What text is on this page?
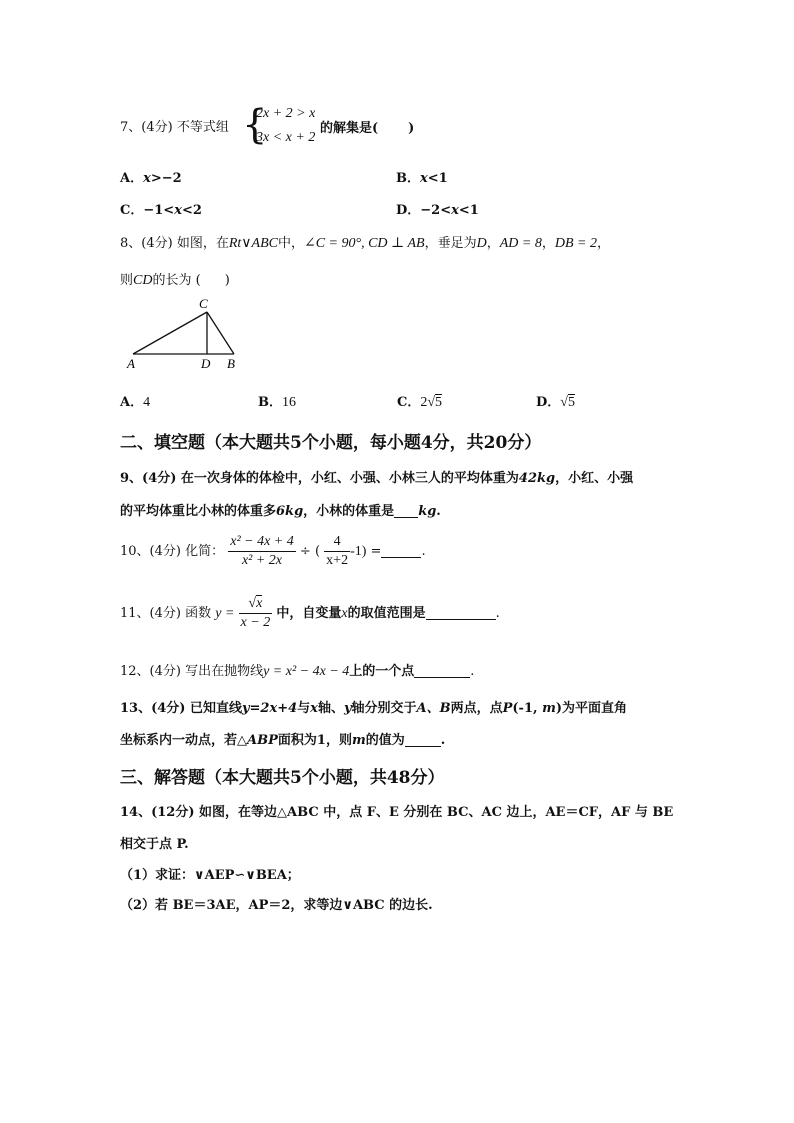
7、(4分) 不等式组 {
2x + 2 > x
3x < x + 2
的解集是( )
A．x>−2	B．x<1
C．−1<x<2	D．−2<x<1
8、(4分) 如图，在Rt∨ABC中，∠C = 90°, CD ⊥ AB，垂足为D，AD = 8，DB = 2，
则CD的长为 ( )
C
A	D B
A．4	B．16	C．2√5	D．√5
二、填空题（本大题共5个小题，每小题4分，共20分）
9、(4分) 在一次身体的体检中，小红、小强、小林三人的平均体重为42kg，小红、小强
的平均体重比小林的体重多6kg，小林的体重是 kg.
10、(4分) 化简： $\frac{\text{x² − 4x + 4}}{\text{x² + 2x}}$ ÷ ( $\frac{4}{x+2} -1$) =	.
11、(4分) 函数 $y = \frac{√x}{x - 2}$ 中，自变量x的取值范围是	.
12、(4分) 写出在抛物线y = x² − 4x − 4上的一个点	.
13、(4分) 已知直线y=2x+4与x轴、y轴分别交于A、B两点，点P(-1, m)为平面直角
坐标系内一动点，若△ABP面积为1，则m的值为	.
三、解答题（本大题共5个小题，共48分）
14、(12分) 如图，在等边△ABC 中，点 F、E 分别在 BC、AC 边上，AE＝CF，AF 与 BE
相交于点 P.
（1）求证：∨AEP∽∨BEA；
（2）若 BE＝3AE，AP＝2，求等边∨ABC 的边长.
